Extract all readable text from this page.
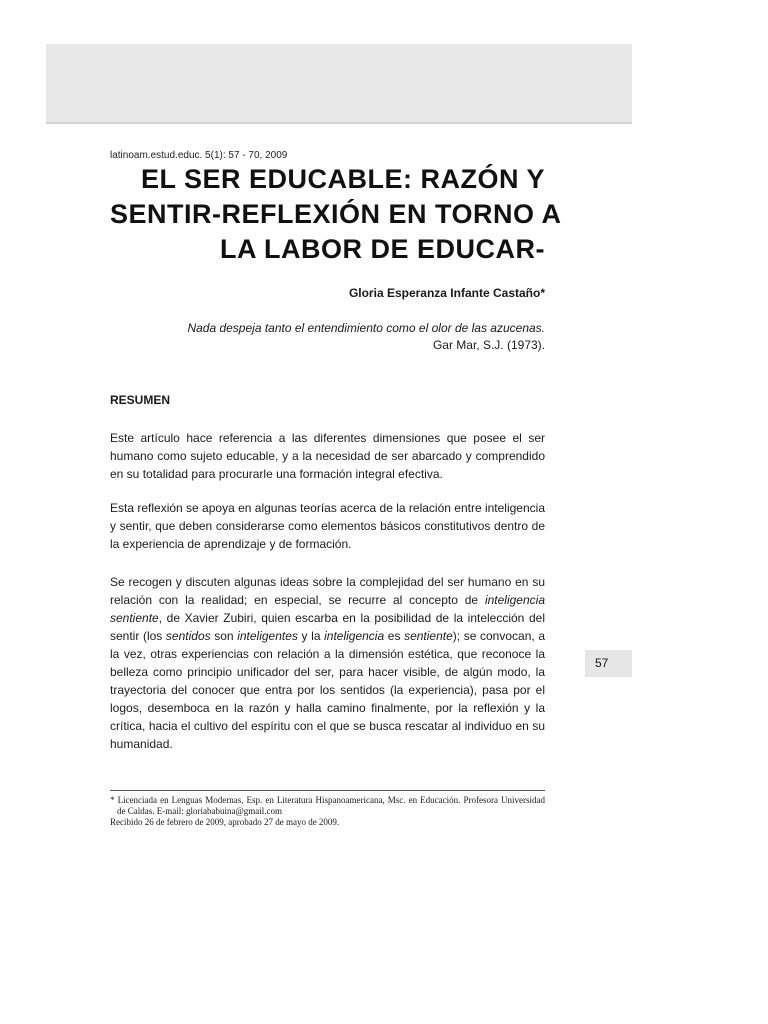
latinoam.estud.educ. 5(1): 57 - 70, 2009
EL SER EDUCABLE: RAZÓN Y
SENTIR-REFLEXIÓN EN TORNO A
LA LABOR DE EDUCAR-
Gloria Esperanza Infante Castaño*
Nada despeja tanto el entendimiento como el olor de las azucenas.
Gar Mar, S.J. (1973).
RESUMEN

Este artículo hace referencia a las diferentes dimensiones que posee el ser humano como sujeto educable, y a la necesidad de ser abarcado y comprendido en su totalidad para procurarle una formación integral efectiva.

Esta reflexión se apoya en algunas teorías acerca de la relación entre inteligencia y sentir, que deben considerarse como elementos básicos constitutivos dentro de la experiencia de aprendizaje y de formación.

Se recogen y discuten algunas ideas sobre la complejidad del ser humano en su relación con la realidad; en especial, se recurre al concepto de inteligencia sentiente, de Xavier Zubiri, quien escarba en la posibilidad de la intelección del sentir (los sentidos son inteligentes y la inteligencia es sentiente); se convocan, a la vez, otras experiencias con relación a la dimensión estética, que reconoce la belleza como principio unificador del ser, para hacer visible, de algún modo, la trayectoria del conocer que entra por los sentidos (la experiencia), pasa por el logos, desemboca en la razón y halla camino finalmente, por la reflexión y la crítica, hacia el cultivo del espíritu con el que se busca rescatar al individuo en su humanidad.

57
* Licenciada en Lenguas Modernas, Esp. en Literatura Hispanoamericana, Msc. en Educación. Profesora Universidad de Caldas. E-mail: gloriababuina@gmail.com
Recibido 26 de febrero de 2009, aprobado 27 de mayo de 2009.
